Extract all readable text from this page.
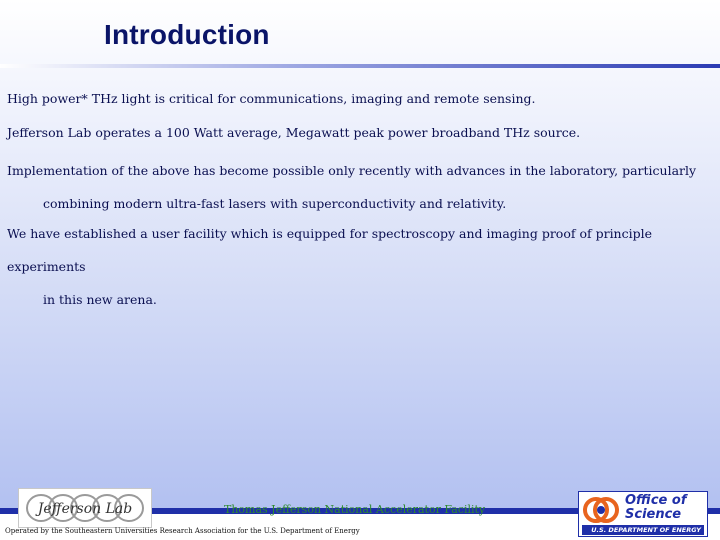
Introduction
High power* THz light is critical for communications, imaging and remote sensing.
Jefferson Lab operates a 100 Watt average, Megawatt peak power broadband THz source.
Implementation of the above has become possible only recently with advances in the laboratory, particularly
combining modern ultra-fast lasers with superconductivity and relativity.
We have established a user facility which is equipped for spectroscopy and imaging proof of principle experiments
in this new arena.
Jefferson Lab	Thomas Jefferson National Accelerator Facility
Operated by the Southeastern Universities Research Association for the U.S. Department of Energy
Office of
Science
U.S. DEPARTMENT OF ENERGY
